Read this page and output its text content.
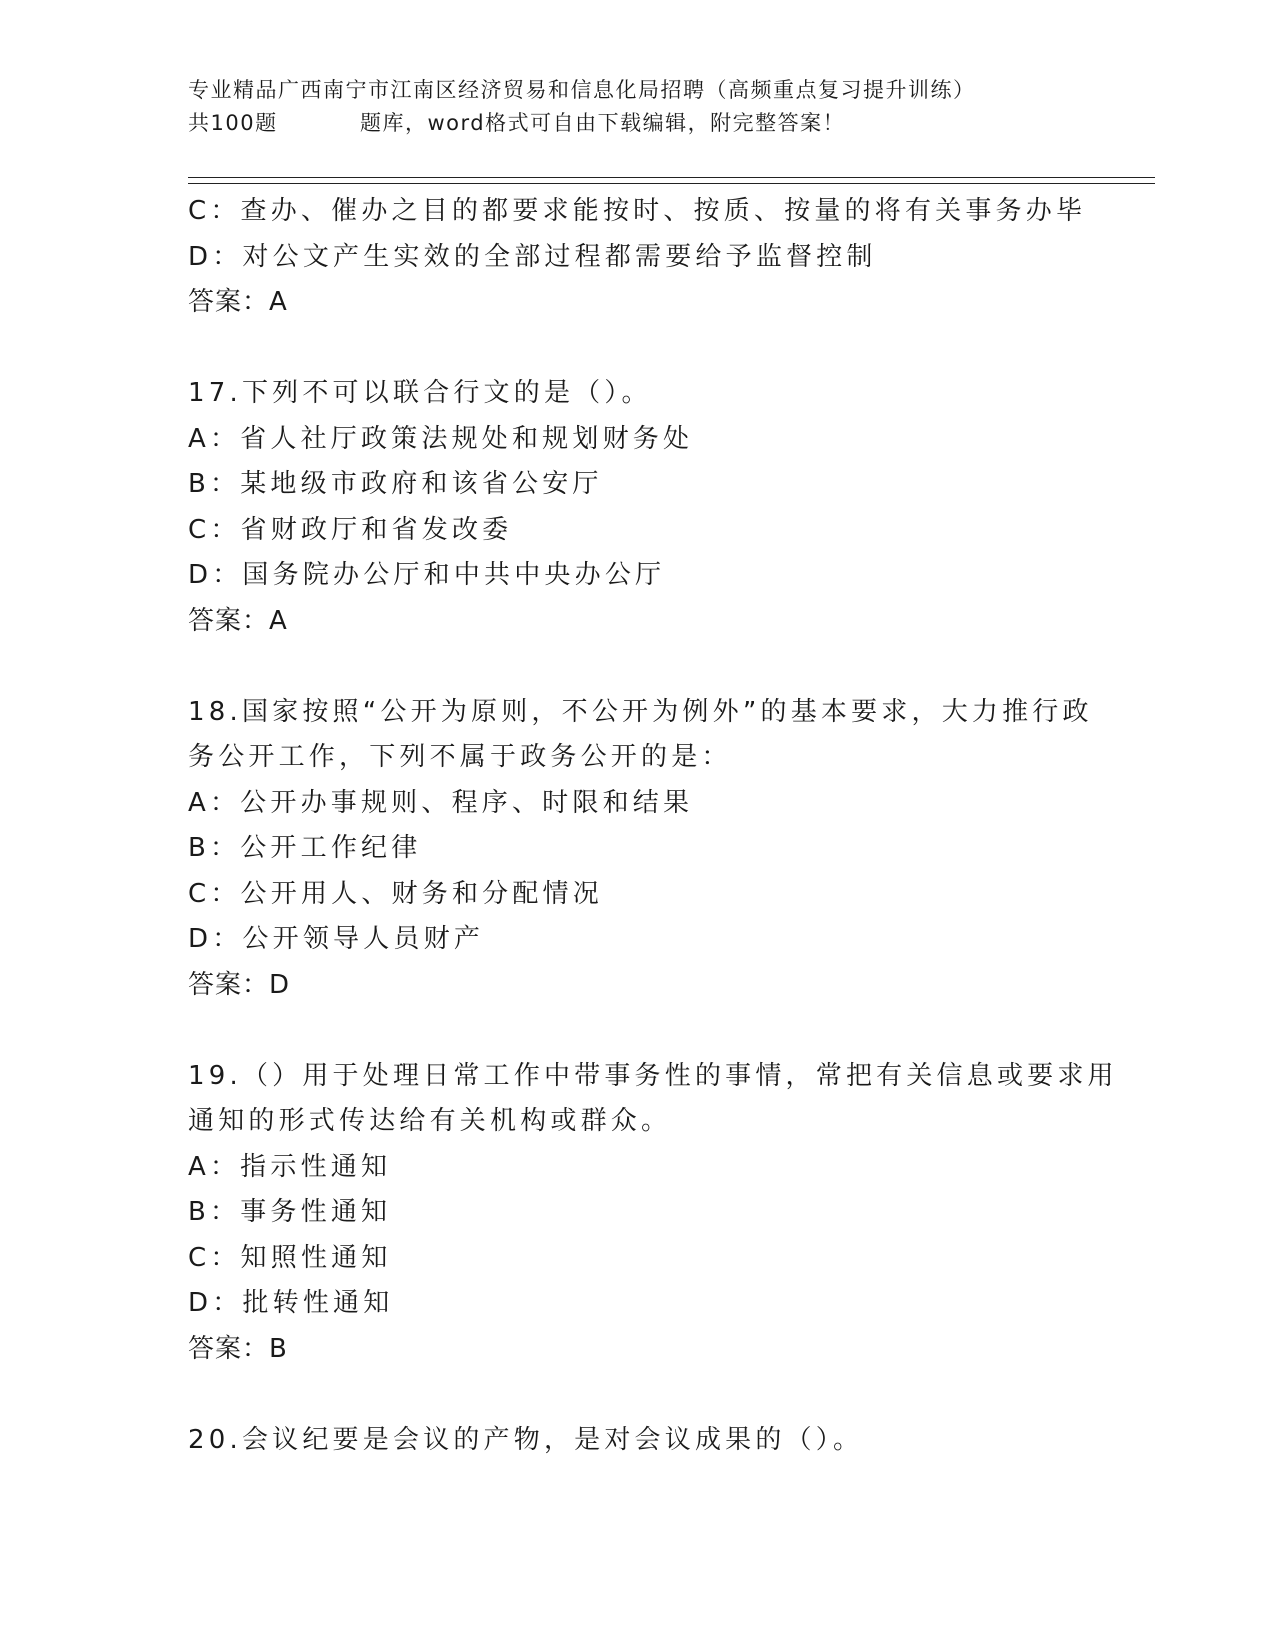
专业精品广西南宁市江南区经济贸易和信息化局招聘（高频重点复习提升训练）
共100题	题库，word格式可自由下载编辑，附完整答案！
C：查办、催办之目的都要求能按时、按质、按量的将有关事务办毕
D：对公文产生实效的全部过程都需要给予监督控制
答案：A
17.下列不可以联合行文的是（）。
A：省人社厅政策法规处和规划财务处
B：某地级市政府和该省公安厅
C：省财政厅和省发改委
D：国务院办公厅和中共中央办公厅
答案：A
18.国家按照“公开为原则，不公开为例外”的基本要求，大力推行政
务公开工作，下列不属于政务公开的是：
A：公开办事规则、程序、时限和结果
B：公开工作纪律
C：公开用人、财务和分配情况
D：公开领导人员财产
答案：D
19.（）用于处理日常工作中带事务性的事情，常把有关信息或要求用
通知的形式传达给有关机构或群众。
A：指示性通知
B：事务性通知
C：知照性通知
D：批转性通知
答案：B
20.会议纪要是会议的产物，是对会议成果的（）。
